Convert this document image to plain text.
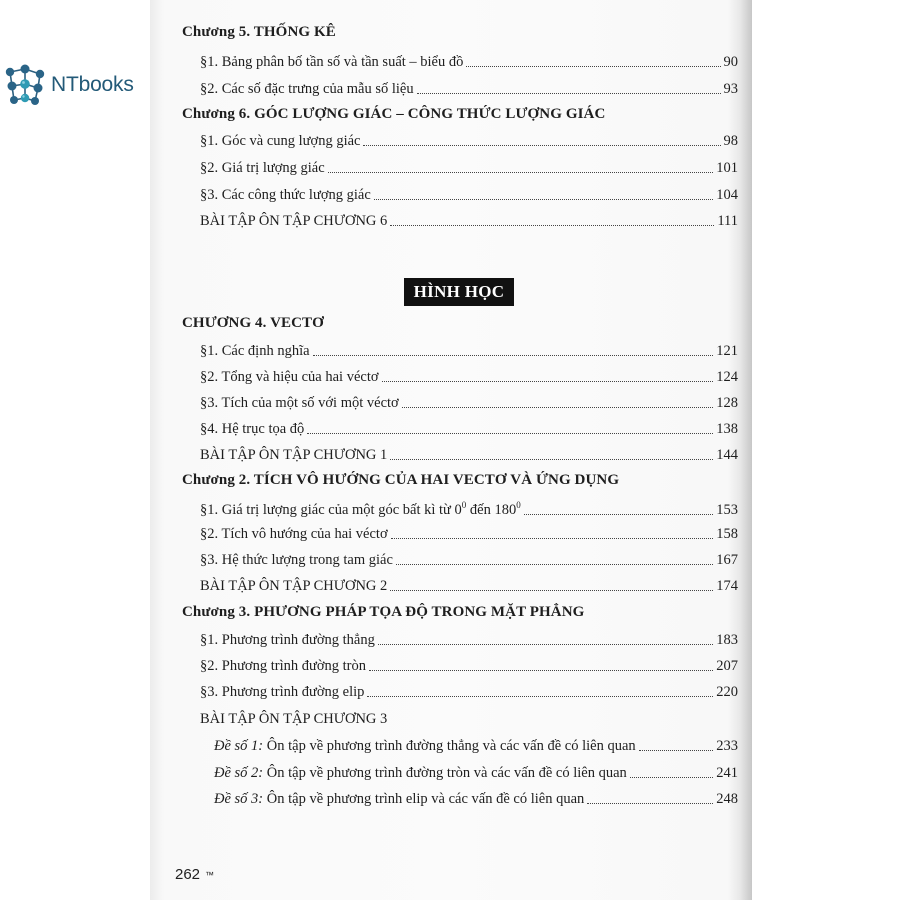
NTbooks
Chương 5. THỐNG KÊ
§1. Bảng phân bố tần số và tần suất – biểu đồ	90
§2. Các số đặc trưng của mẫu số liệu	93
Chương 6. GÓC LƯỢNG GIÁC – CÔNG THỨC LƯỢNG GIÁC
§1. Góc và cung lượng giác	98
§2. Giá trị lượng giác	101
§3. Các công thức lượng giác	104
BÀI TẬP ÔN TẬP CHƯƠNG 6	111
HÌNH HỌC
CHƯƠNG 4. VECTƠ
§1. Các định nghĩa	121
§2. Tổng và hiệu của hai véctơ	124
§3. Tích của một số với một véctơ	128
§4. Hệ trục tọa độ	138
BÀI TẬP ÔN TẬP CHƯƠNG 1	144
Chương 2. TÍCH VÔ HƯỚNG CỦA HAI VECTƠ VÀ ỨNG DỤNG
§1. Giá trị lượng giác của một góc bất kì từ $0^0$ đến $180^0$	153
§2. Tích vô hướng của hai véctơ	158
§3. Hệ thức lượng trong tam giác	167
BÀI TẬP ÔN TẬP CHƯƠNG 2	174
Chương 3. PHƯƠNG PHÁP TỌA ĐỘ TRONG MẶT PHẲNG
§1. Phương trình đường thẳng	183
§2. Phương trình đường tròn	207
§3. Phương trình đường elip	220
BÀI TẬP ÔN TẬP CHƯƠNG 3
Đề số 1: Ôn tập về phương trình đường thẳng và các vấn đề có liên quan	233
Đề số 2: Ôn tập về phương trình đường tròn và các vấn đề có liên quan	241
Đề số 3: Ôn tập về phương trình elip và các vấn đề có liên quan	248
262 ™
